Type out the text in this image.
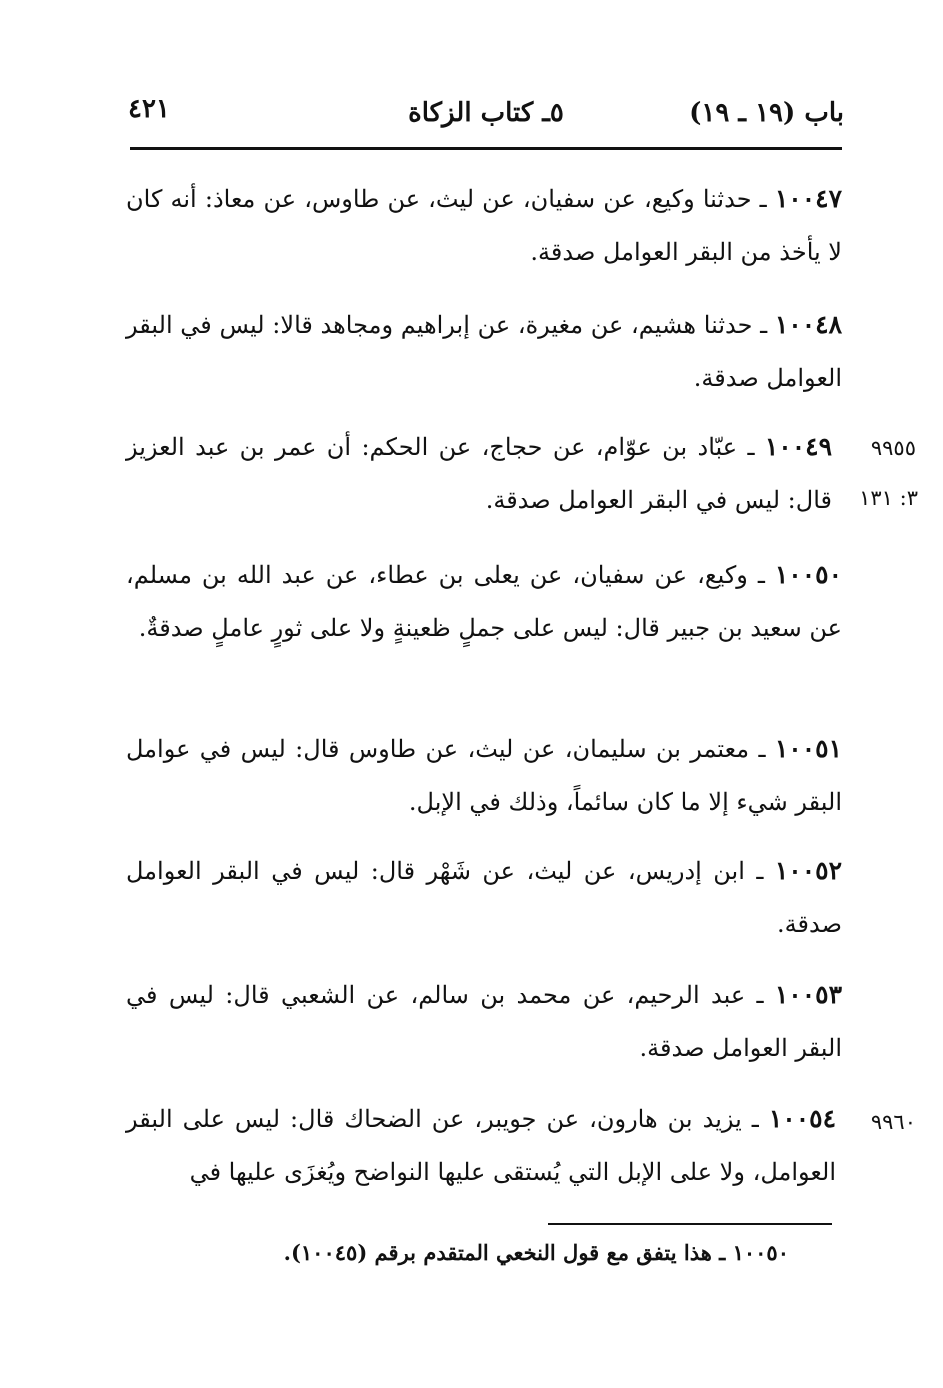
باب (١٩ ـ ١٩)
٥ـ كتاب الزكاة
٤٢١

١٠٠٤٧ ـ حدثنا وكيع، عن سفيان، عن ليث، عن طاوس، عن معاذ: أنه كان لا يأخذ من البقر العوامل صدقة.

١٠٠٤٨ ـ حدثنا هشيم، عن مغيرة، عن إبراهيم ومجاهد قالا: ليس في البقر العوامل صدقة.

٩٩٥٥
٣: ١٣١

١٠٠٤٩ ـ عبّاد بن عوّام، عن حجاج، عن الحكم: أن عمر بن عبد العزيز قال: ليس في البقر العوامل صدقة.

١٠٠٥٠ ـ وكيع، عن سفيان، عن يعلى بن عطاء، عن عبد الله بن مسلم، عن سعيد بن جبير قال: ليس على جملٍ ظعينةٍ ولا على ثورٍ عاملٍ صدقةٌ.

١٠٠٥١ ـ معتمر بن سليمان، عن ليث، عن طاوس قال: ليس في عوامل البقر شيء إلا ما كان سائماً، وذلك في الإبل.

١٠٠٥٢ ـ ابن إدريس، عن ليث، عن شَهْر قال: ليس في البقر العوامل صدقة.

١٠٠٥٣ ـ عبد الرحيم، عن محمد بن سالم، عن الشعبي قال: ليس في البقر العوامل صدقة.

٩٩٦٠

١٠٠٥٤ ـ يزيد بن هارون، عن جويبر، عن الضحاك قال: ليس على البقر العوامل، ولا على الإبل التي يُستقى عليها النواضح ويُغزَى عليها في

١٠٠٥٠ ـ هذا يتفق مع قول النخعي المتقدم برقم (١٠٠٤٥).
